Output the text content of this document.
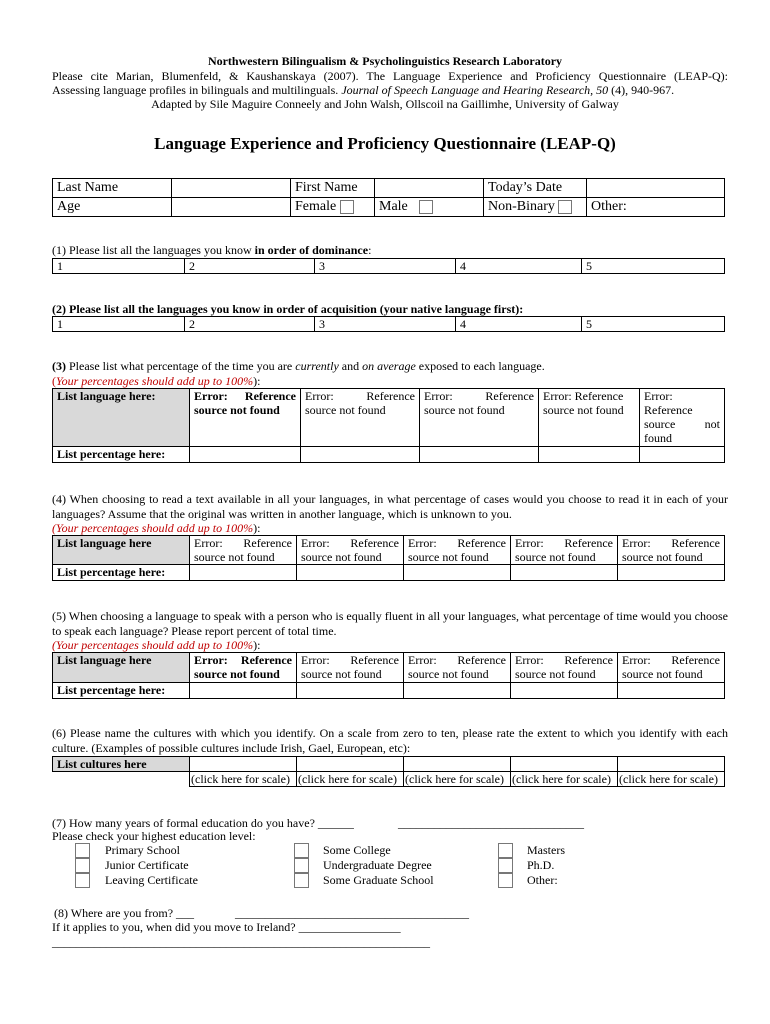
Northwestern Bilingualism & Psycholinguistics Research Laboratory
Please cite Marian, Blumenfeld, & Kaushanskaya (2007). The Language Experience and Proficiency Questionnaire (LEAP-Q):
Assessing language profiles in bilinguals and multilinguals. Journal of Speech Language and Hearing Research, 50 (4), 940-967.
Adapted by Sile Maguire Conneely and John Walsh, Ollscoil na Gaillimhe, University of Galway
Language Experience and Proficiency Questionnaire (LEAP-Q)
Last Name		First Name		Today’s Date	
Age		Female	Male	Non-Binary	Other:
(1) Please list all the languages you know in order of dominance:
1	2	3	4	5
(2) Please list all the languages you know in order of acquisition (your native language first):
1	2	3	4	5
(3) Please list what percentage of the time you are currently and on average exposed to each language.
(Your percentages should add up to 100%):
List language here:	Error: Reference source not found	Error: Reference source not found	Error: Reference source not found	Error: Reference source not found	Error: Reference source not found
List percentage here:					
(4) When choosing to read a text available in all your languages, in what percentage of cases would you choose to read it in each of your languages? Assume that the original was written in another language, which is unknown to you.
(Your percentages should add up to 100%):
List language here	Error: Reference source not found	Error: Reference source not found	Error: Reference source not found	Error: Reference source not found	Error: Reference source not found
List percentage here:					
(5) When choosing a language to speak with a person who is equally fluent in all your languages, what percentage of time would you choose to speak each language? Please report percent of total time.
(Your percentages should add up to 100%):
List language here	Error: Reference source not found	Error: Reference source not found	Error: Reference source not found	Error: Reference source not found	Error: Reference source not found
List percentage here:					
(6) Please name the cultures with which you identify. On a scale from zero to ten, please rate the extent to which you identify with each culture. (Examples of possible cultures include Irish, Gael, European, etc):
List cultures here					
	(click here for scale)	(click here for scale)	(click here for scale)	(click here for scale)	(click here for scale)
(7) How many years of formal education do you have? ______	_______________________________
Please check your highest education level:
Primary School
Junior Certificate
Leaving Certificate
Some College
Undergraduate Degree
Some Graduate School
Masters
Ph.D.
Other:
(8) Where are you from? ___	_______________________________________
If it applies to you, when did you move to Ireland? _________________
_______________________________________________________________
